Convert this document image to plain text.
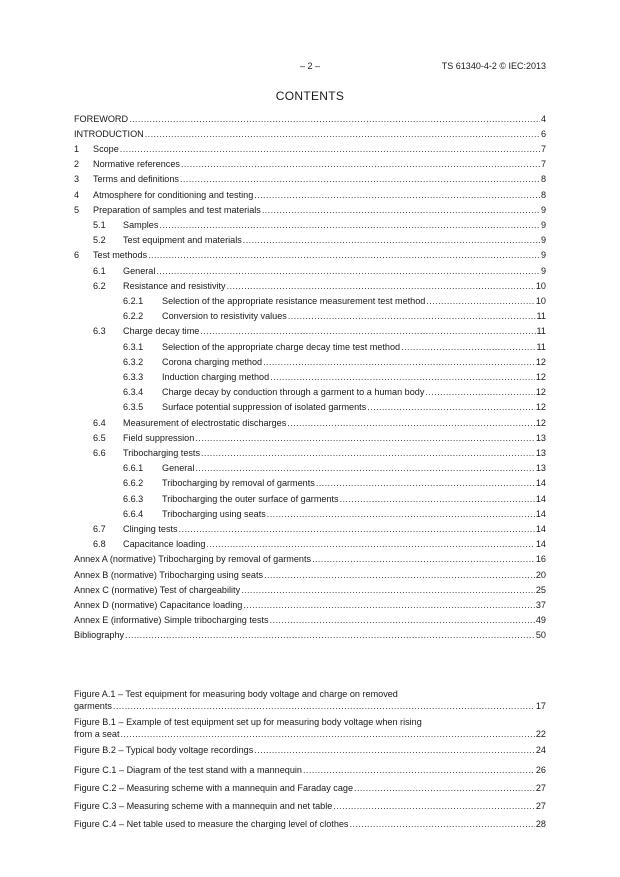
– 2 –	TS 61340-4-2 © IEC:2013
CONTENTS
FOREWORD .....	4
INTRODUCTION .....	6
1	Scope .....	7
2	Normative references .....	7
3	Terms and definitions .....	8
4	Atmosphere for conditioning and testing .....	8
5	Preparation of samples and test materials .....	9
5.1	Samples .....	9
5.2	Test equipment and materials .....	9
6	Test methods .....	9
6.1	General .....	9
6.2	Resistance and resistivity .....	10
6.2.1	Selection of the appropriate resistance measurement test method .....	10
6.2.2	Conversion to resistivity values .....	11
6.3	Charge decay time .....	11
6.3.1	Selection of the appropriate charge decay time test method .....	11
6.3.2	Corona charging method .....	12
6.3.3	Induction charging method .....	12
6.3.4	Charge decay by conduction through a garment to a human body .....	12
6.3.5	Surface potential suppression of isolated garments .....	12
6.4	Measurement of electrostatic discharges .....	12
6.5	Field suppression .....	13
6.6	Tribocharging tests .....	13
6.6.1	General .....	13
6.6.2	Tribocharging by removal of garments .....	14
6.6.3	Tribocharging the outer surface of garments .....	14
6.6.4	Tribocharging using seats .....	14
6.7	Clinging tests .....	14
6.8	Capacitance loading .....	14
Annex A (normative) Tribocharging by removal of garments .....	16
Annex B (normative) Tribocharging using seats .....	20
Annex C (normative) Test of chargeability .....	25
Annex D (normative) Capacitance loading .....	37
Annex E (informative) Simple tribocharging tests .....	49
Bibliography .....	50
Figure A.1 – Test equipment for measuring body voltage and charge on removed
garments .....	17
Figure B.1 – Example of test equipment set up for measuring body voltage when rising
from a seat .....	22
Figure B.2 – Typical body voltage recordings .....	24
Figure C.1 – Diagram of the test stand with a mannequin .....	26
Figure C.2 – Measuring scheme with a mannequin and Faraday cage .....	27
Figure C.3 – Measuring scheme with a mannequin and net table .....	27
Figure C.4 – Net table used to measure the charging level of clothes .....	28
